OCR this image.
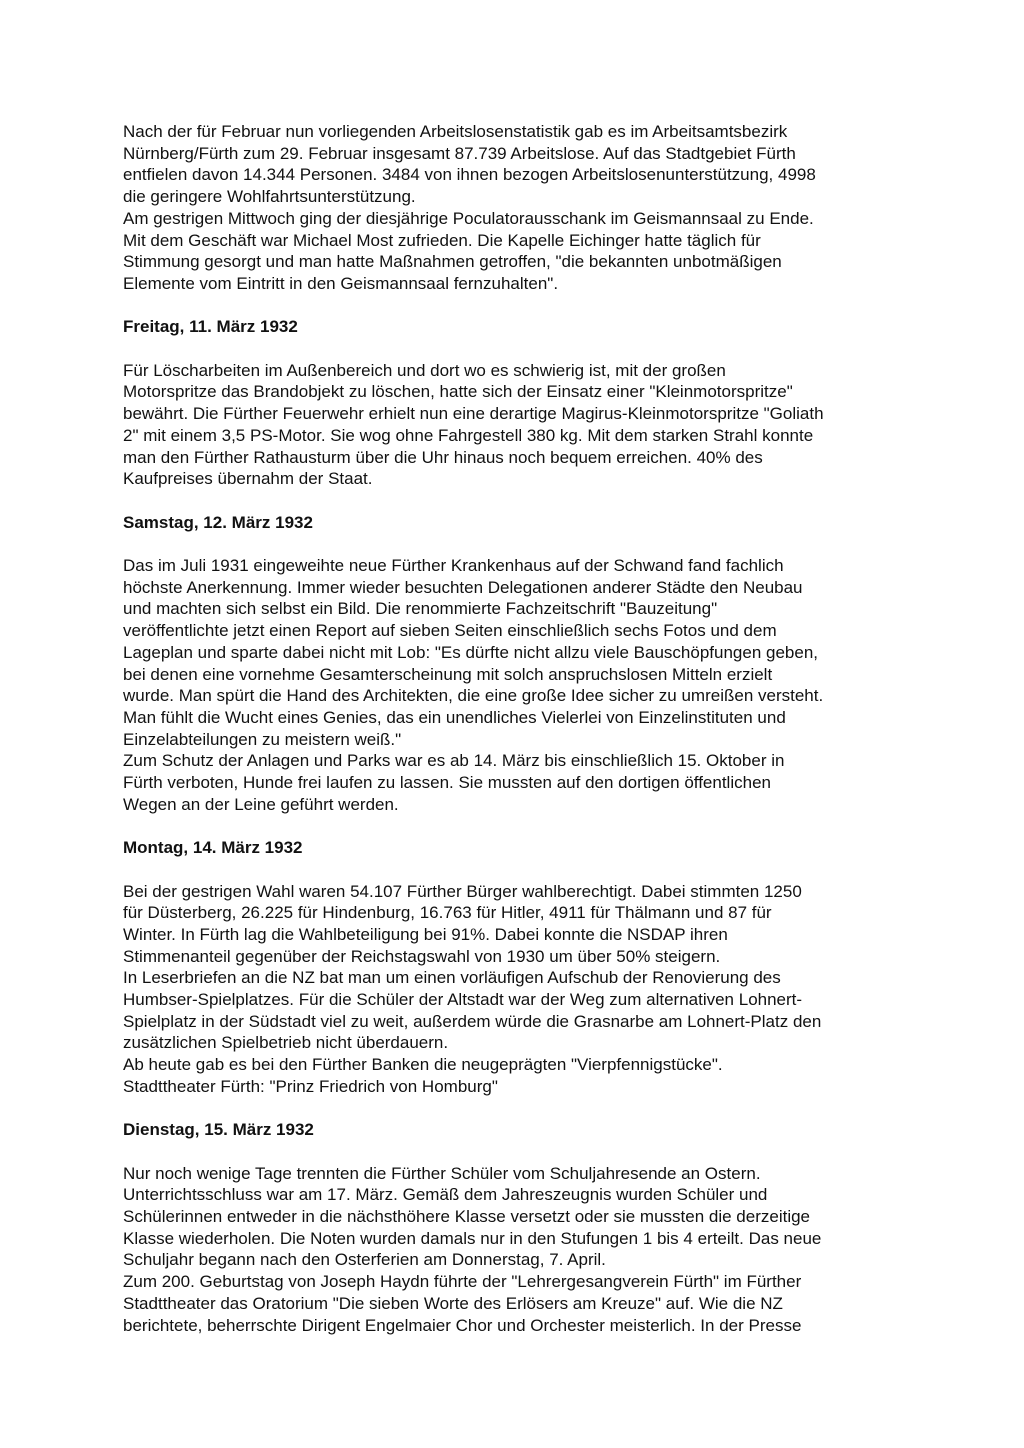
Nach der für Februar nun vorliegenden Arbeitslosenstatistik gab es im Arbeitsamtsbezirk
Nürnberg/Fürth zum 29. Februar insgesamt 87.739 Arbeitslose. Auf das Stadtgebiet Fürth
entfielen davon 14.344 Personen. 3484 von ihnen bezogen Arbeitslosenunterstützung, 4998
die geringere Wohlfahrtsunterstützung.

Am gestrigen Mittwoch ging der diesjährige Poculatorausschank im Geismannsaal zu Ende.
Mit dem Geschäft war Michael Most zufrieden. Die Kapelle Eichinger hatte täglich für
Stimmung gesorgt und man hatte Maßnahmen getroffen, "die bekannten unbotmäßigen
Elemente vom Eintritt in den Geismannsaal fernzuhalten".

Freitag, 11. März 1932

Für Löscharbeiten im Außenbereich und dort wo es schwierig ist, mit der großen
Motorspritze das Brandobjekt zu löschen, hatte sich der Einsatz einer "Kleinmotorspritze"
bewährt. Die Fürther Feuerwehr erhielt nun eine derartige Magirus-Kleinmotorspritze "Goliath
2" mit einem 3,5 PS-Motor. Sie wog ohne Fahrgestell 380 kg. Mit dem starken Strahl konnte
man den Fürther Rathausturm über die Uhr hinaus noch bequem erreichen. 40% des
Kaufpreises übernahm der Staat.

Samstag, 12. März 1932

Das im Juli 1931 eingeweihte neue Fürther Krankenhaus auf der Schwand fand fachlich
höchste Anerkennung. Immer wieder besuchten Delegationen anderer Städte den Neubau
und machten sich selbst ein Bild. Die renommierte Fachzeitschrift "Bauzeitung"
veröffentlichte jetzt einen Report auf sieben Seiten einschließlich sechs Fotos und dem
Lageplan und sparte dabei nicht mit Lob: "Es dürfte nicht allzu viele Bauschöpfungen geben,
bei denen eine vornehme Gesamterscheinung mit solch anspruchslosen Mitteln erzielt
wurde. Man spürt die Hand des Architekten, die eine große Idee sicher zu umreißen versteht.
Man fühlt die Wucht eines Genies, das ein unendliches Vielerlei von Einzelinstituten und
Einzelabteilungen zu meistern weiß."

Zum Schutz der Anlagen und Parks war es ab 14. März bis einschließlich 15. Oktober in
Fürth verboten, Hunde frei laufen zu lassen. Sie mussten auf den dortigen öffentlichen
Wegen an der Leine geführt werden.

Montag, 14. März 1932

Bei der gestrigen Wahl waren 54.107 Fürther Bürger wahlberechtigt. Dabei stimmten 1250
für Düsterberg, 26.225 für Hindenburg, 16.763 für Hitler, 4911 für Thälmann und 87 für
Winter. In Fürth lag die Wahlbeteiligung bei 91%. Dabei konnte die NSDAP ihren
Stimmenanteil gegenüber der Reichstagswahl von 1930 um über 50% steigern.

In Leserbriefen an die NZ bat man um einen vorläufigen Aufschub der Renovierung des
Humbser-Spielplatzes. Für die Schüler der Altstadt war der Weg zum alternativen Lohnert-
Spielplatz in der Südstadt viel zu weit, außerdem würde die Grasnarbe am Lohnert-Platz den
zusätzlichen Spielbetrieb nicht überdauern.

Ab heute gab es bei den Fürther Banken die neugeprägten "Vierpfennigstücke".

Stadttheater Fürth: "Prinz Friedrich von Homburg"

Dienstag, 15. März 1932

Nur noch wenige Tage trennten die Fürther Schüler vom Schuljahresende an Ostern.
Unterrichtsschluss war am 17. März. Gemäß dem Jahreszeugnis wurden Schüler und
Schülerinnen entweder in die nächsthöhere Klasse versetzt oder sie mussten die derzeitige
Klasse wiederholen. Die Noten wurden damals nur in den Stufungen 1 bis 4 erteilt. Das neue
Schuljahr begann nach den Osterferien am Donnerstag, 7. April.

Zum 200. Geburtstag von Joseph Haydn führte der "Lehrergesangverein Fürth" im Fürther
Stadttheater das Oratorium "Die sieben Worte des Erlösers am Kreuze" auf. Wie die NZ
berichtete, beherrschte Dirigent Engelmaier Chor und Orchester meisterlich. In der Presse
